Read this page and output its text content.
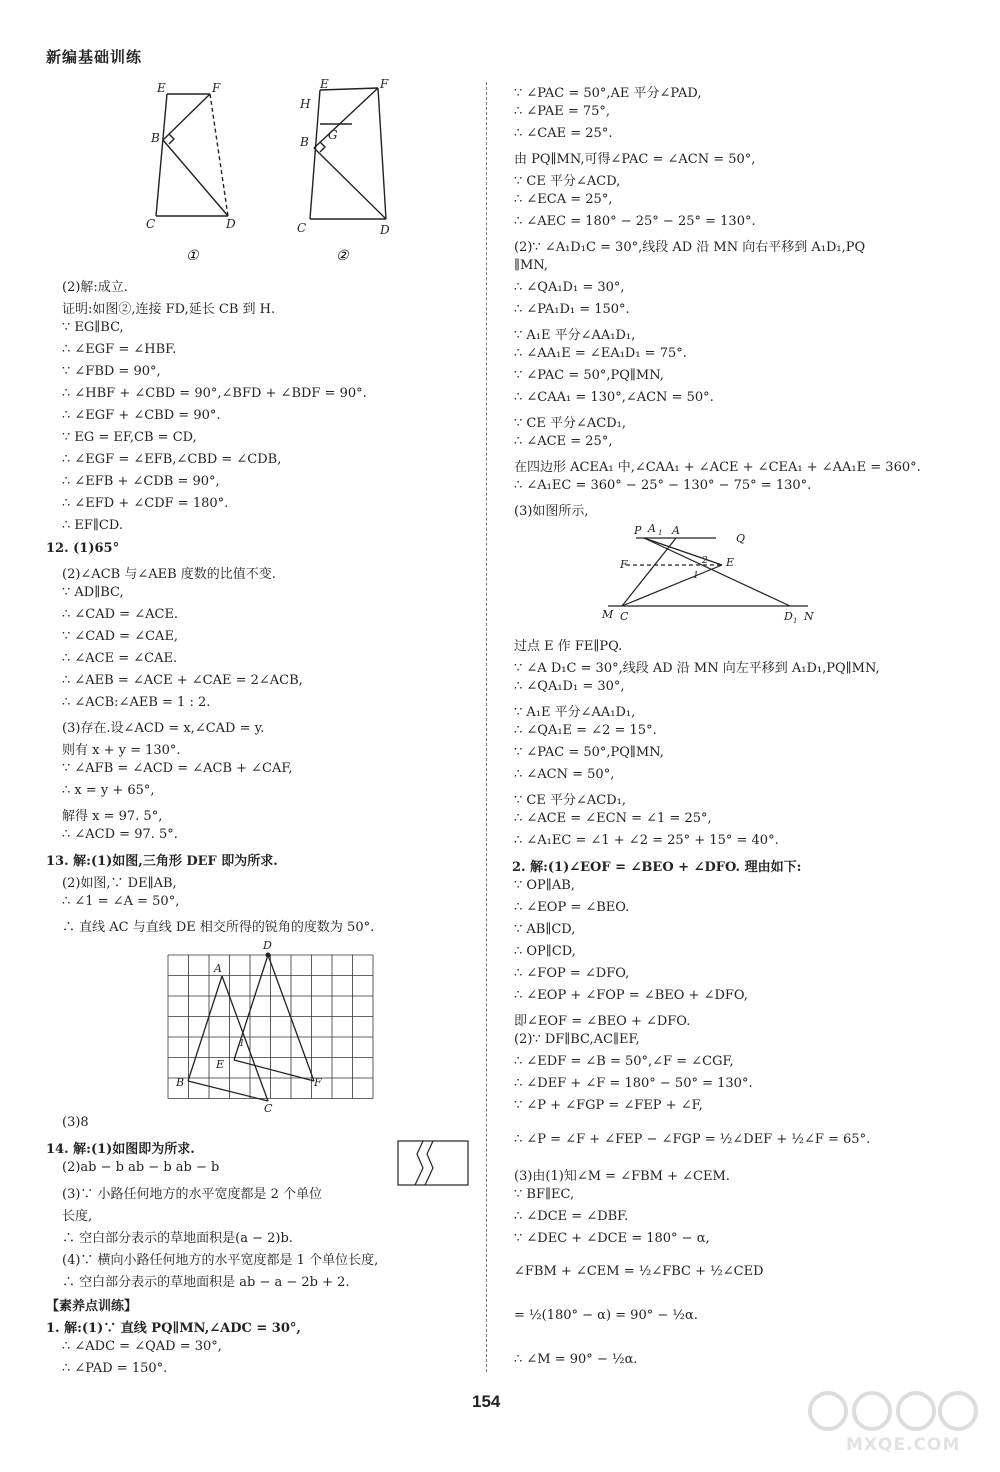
新编基础训练
E	F
B
C	D
①
E	F
H
G
B
C	D
②
D
A
1
E
B	F
C
P A A
1	Q
F	E
1
2
M C	D 1 N
(2)解:成立.
证明:如图②,连接 FD,延长 CB 到 H.
∵ EG∥BC,
∴ ∠EGF = ∠HBF.
∵ ∠FBD = 90°,
∴ ∠HBF + ∠CBD = 90°,∠BFD + ∠BDF = 90°.
∴ ∠EGF + ∠CBD = 90°.
∵ EG = EF,CB = CD,
∴ ∠EGF = ∠EFB,∠CBD = ∠CDB,
∴ ∠EFB + ∠CDB = 90°,
∴ ∠EFD + ∠CDF = 180°.
∴ EF∥CD.
12. (1)65°
(2)∠ACB 与∠AEB 度数的比值不变.
∵ AD∥BC,
∴ ∠CAD = ∠ACE.
∵ ∠CAD = ∠CAE,
∴ ∠ACE = ∠CAE.
∴ ∠AEB = ∠ACE + ∠CAE = 2∠ACB,
∴ ∠ACB:∠AEB = 1 : 2.
(3)存在.设∠ACD = x,∠CAD = y.
则有 x + y = 130°.
∵ ∠AFB = ∠ACD = ∠ACB + ∠CAF,
∴ x = y + 65°,
解得 x = 97. 5°,
∴ ∠ACD = 97. 5°.
13. 解:(1)如图,三角形 DEF 即为所求.
(2)如图,∵ DE∥AB,
∴ ∠1 = ∠A = 50°,
∴ 直线 AC 与直线 DE 相交所得的锐角的度数为 50°.
(3)8
14. 解:(1)如图即为所求.
(2)ab − b ab − b ab − b
(3)∵ 小路任何地方的水平宽度都是 2 个单位
长度,
∴ 空白部分表示的草地面积是(a − 2)b.
(4)∵ 横向小路任何地方的水平宽度都是 1 个单位长度,
∴ 空白部分表示的草地面积是 ab − a − 2b + 2.
【素养点训练】
1. 解:(1)∵ 直线 PQ∥MN,∠ADC = 30°,
∴ ∠ADC = ∠QAD = 30°,
∴ ∠PAD = 150°.
∵ ∠PAC = 50°,AE 平分∠PAD,
∴ ∠PAE = 75°,
∴ ∠CAE = 25°.
由 PQ∥MN,可得∠PAC = ∠ACN = 50°,
∵ CE 平分∠ACD,
∴ ∠ECA = 25°,
∴ ∠AEC = 180° − 25° − 25° = 130°.
(2)∵ ∠A₁D₁C = 30°,线段 AD 沿 MN 向右平移到 A₁D₁,PQ
∥MN,
∴ ∠QA₁D₁ = 30°,
∴ ∠PA₁D₁ = 150°.
∵ A₁E 平分∠AA₁D₁,
∴ ∠AA₁E = ∠EA₁D₁ = 75°.
∵ ∠PAC = 50°,PQ∥MN,
∴ ∠CAA₁ = 130°,∠ACN = 50°.
∵ CE 平分∠ACD₁,
∴ ∠ACE = 25°,
在四边形 ACEA₁ 中,∠CAA₁ + ∠ACE + ∠CEA₁ + ∠AA₁E = 360°.
∴ ∠A₁EC = 360° − 25° − 130° − 75° = 130°.
(3)如图所示,
过点 E 作 FE∥PQ.
∵ ∠A D₁C = 30°,线段 AD 沿 MN 向左平移到 A₁D₁,PQ∥MN,
∴ ∠QA₁D₁ = 30°,
∵ A₁E 平分∠AA₁D₁,
∴ ∠QA₁E = ∠2 = 15°.
∵ ∠PAC = 50°,PQ∥MN,
∴ ∠ACN = 50°,
∵ CE 平分∠ACD₁,
∴ ∠ACE = ∠ECN = ∠1 = 25°,
∴ ∠A₁EC = ∠1 + ∠2 = 25° + 15° = 40°.
2. 解:(1)∠EOF = ∠BEO + ∠DFO. 理由如下:
∵ OP∥AB,
∴ ∠EOP = ∠BEO.
∵ AB∥CD,
∴ OP∥CD,
∴ ∠FOP = ∠DFO,
∴ ∠EOP + ∠FOP = ∠BEO + ∠DFO,
即∠EOF = ∠BEO + ∠DFO.
(2)∵ DF∥BC,AC∥EF,
∴ ∠EDF = ∠B = 50°,∠F = ∠CGF,
∴ ∠DEF + ∠F = 180° − 50° = 130°.
∵ ∠P + ∠FGP = ∠FEP + ∠F,
∴ ∠P = ∠F + ∠FEP − ∠FGP = ½∠DEF + ½∠F = 65°.
(3)由(1)知∠M = ∠FBM + ∠CEM.
∵ BF∥EC,
∴ ∠DCE = ∠DBF.
∵ ∠DEC + ∠DCE = 180° − α,
∠FBM + ∠CEM = ½∠FBC + ½∠CED
= ½(180° − α) = 90° − ½α.
∴ ∠M = 90° − ½α.
154
MXQE.COM
